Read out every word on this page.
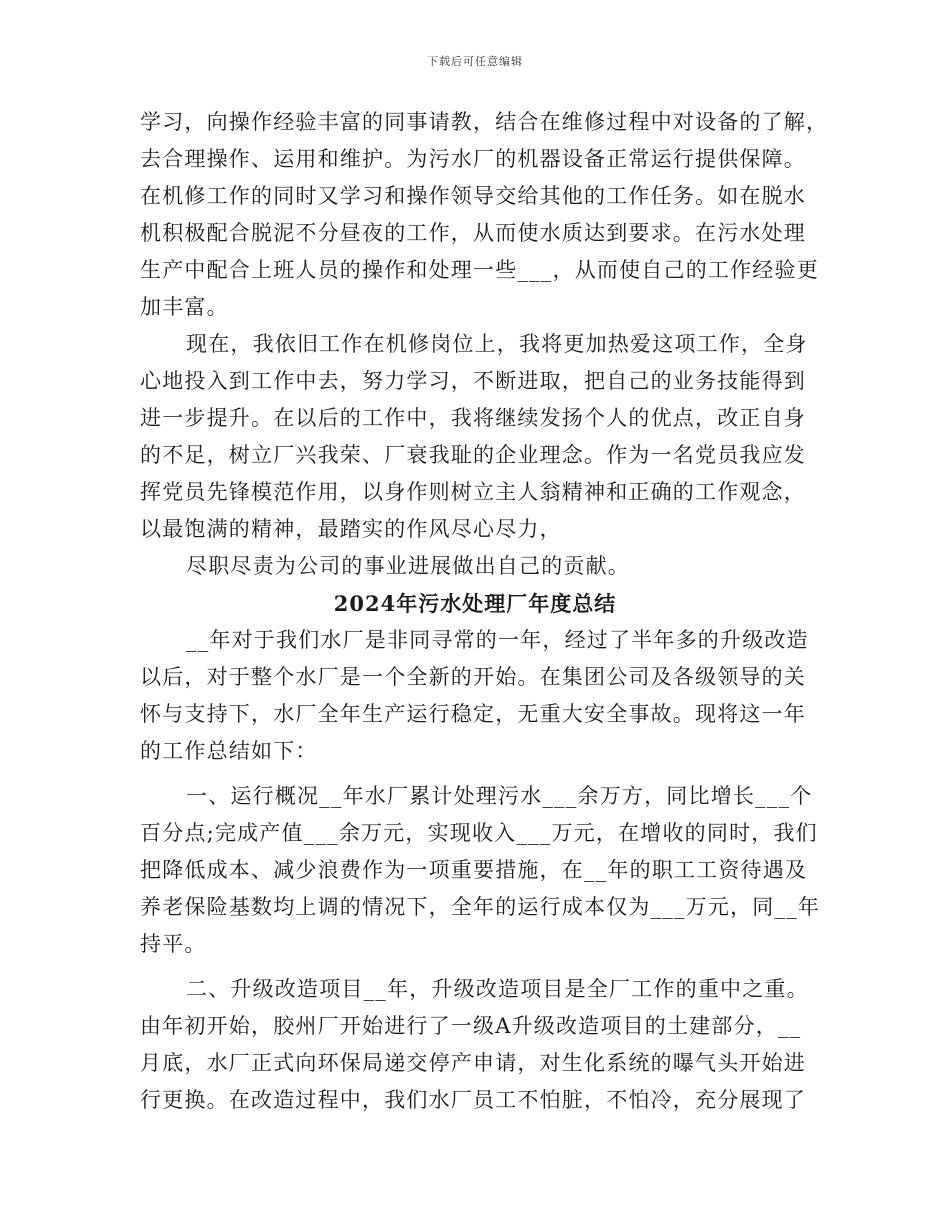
下载后可任意编辑
学习，向操作经验丰富的同事请教，结合在维修过程中对设备的了解，
去合理操作、运用和维护。为污水厂的机器设备正常运行提供保障。
在机修工作的同时又学习和操作领导交给其他的工作任务。如在脱水
机积极配合脱泥不分昼夜的工作，从而使水质达到要求。在污水处理
生产中配合上班人员的操作和处理一些___，从而使自己的工作经验更
加丰富。
现在，我依旧工作在机修岗位上，我将更加热爱这项工作，全身
心地投入到工作中去，努力学习，不断进取，把自己的业务技能得到
进一步提升。在以后的工作中，我将继续发扬个人的优点，改正自身
的不足，树立厂兴我荣、厂衰我耻的企业理念。作为一名党员我应发
挥党员先锋模范作用，以身作则树立主人翁精神和正确的工作观念，
以最饱满的精神，最踏实的作风尽心尽力，
尽职尽责为公司的事业进展做出自己的贡献。
2024年污水处理厂年度总结
__年对于我们水厂是非同寻常的一年，经过了半年多的升级改造
以后，对于整个水厂是一个全新的开始。在集团公司及各级领导的关
怀与支持下，水厂全年生产运行稳定，无重大安全事故。现将这一年
的工作总结如下：
一、运行概况__年水厂累计处理污水___余万方，同比增长___个
百分点;完成产值___余万元，实现收入___万元，在增收的同时，我们
把降低成本、减少浪费作为一项重要措施，在__年的职工工资待遇及
养老保险基数均上调的情况下，全年的运行成本仅为___万元，同__年
持平。
二、升级改造项目__年，升级改造项目是全厂工作的重中之重。
由年初开始，胶州厂开始进行了一级A升级改造项目的土建部分，__
月底，水厂正式向环保局递交停产申请，对生化系统的曝气头开始进
行更换。在改造过程中，我们水厂员工不怕脏，不怕冷，充分展现了
